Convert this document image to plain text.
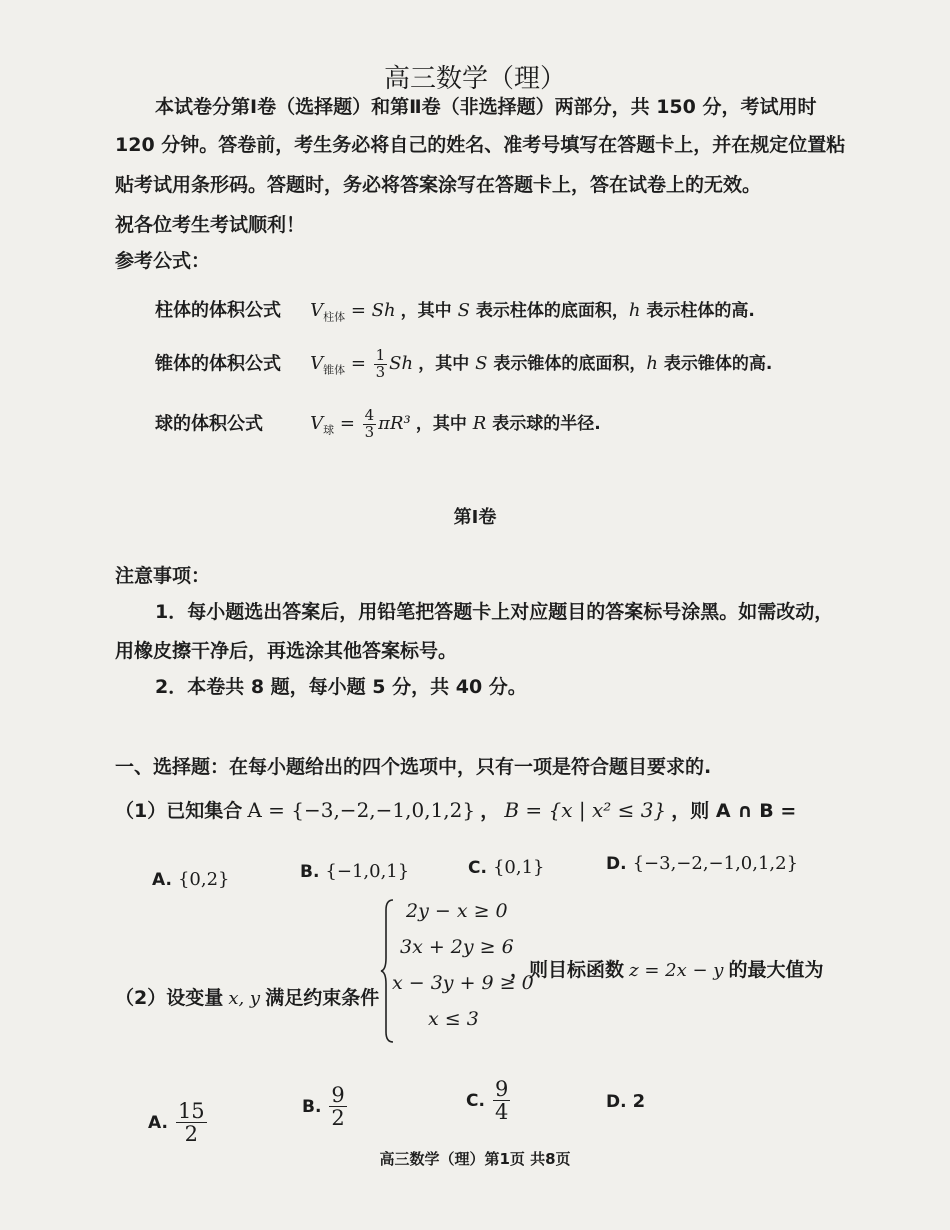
高三数学（理）
本试卷分第Ⅰ卷（选择题）和第Ⅱ卷（非选择题）两部分，共 150 分，考试用时
120 分钟。答卷前，考生务必将自己的姓名、准考号填写在答题卡上，并在规定位置粘
贴考试用条形码。答题时，务必将答案涂写在答题卡上，答在试卷上的无效。
祝各位考生考试顺利！
参考公式：
柱体的体积公式 $V_{柱体} = Sh$ ，其中 S 表示柱体的底面积，h 表示柱体的高.
锥体的体积公式 $V_{锥体} = \frac{1}{3}$ Sh ，其中 S 表示锥体的底面积，h 表示锥体的高.
球的体积公式	$V_球 = \frac{4}{3} \pi R^3$ ，其中 R 表示球的半径.
第Ⅰ卷
注意事项：
1．每小题选出答案后，用铅笔把答题卡上对应题目的答案标号涂黑。如需改动，
用橡皮擦干净后，再选涂其他答案标号。
2．本卷共 8 题，每小题 5 分，共 40 分。
一、选择题：在每小题给出的四个选项中，只有一项是符合题目要求的.
（1）已知集合 A = {−3,−2,−1,0,1,2} ， B = {x | x² ≤ 3} ，则 A ∩ B =
A. {0,2}	B. {−1,0,1}	C. {0,1}	D. {−3,−2,−1,0,1,2}
（2）设变量 x, y 满足约束条件
2y − x ≥ 0
3x + 2y ≥ 6
x − 3y + 9 ≥ 0
x ≤ 3
，则目标函数 z = 2x − y 的最大值为
A. $\frac{15}{2}$	B. $\frac{9}{2}$	C. $\frac{9}{4}$	D. 2
高三数学（理）第1页 共8页
